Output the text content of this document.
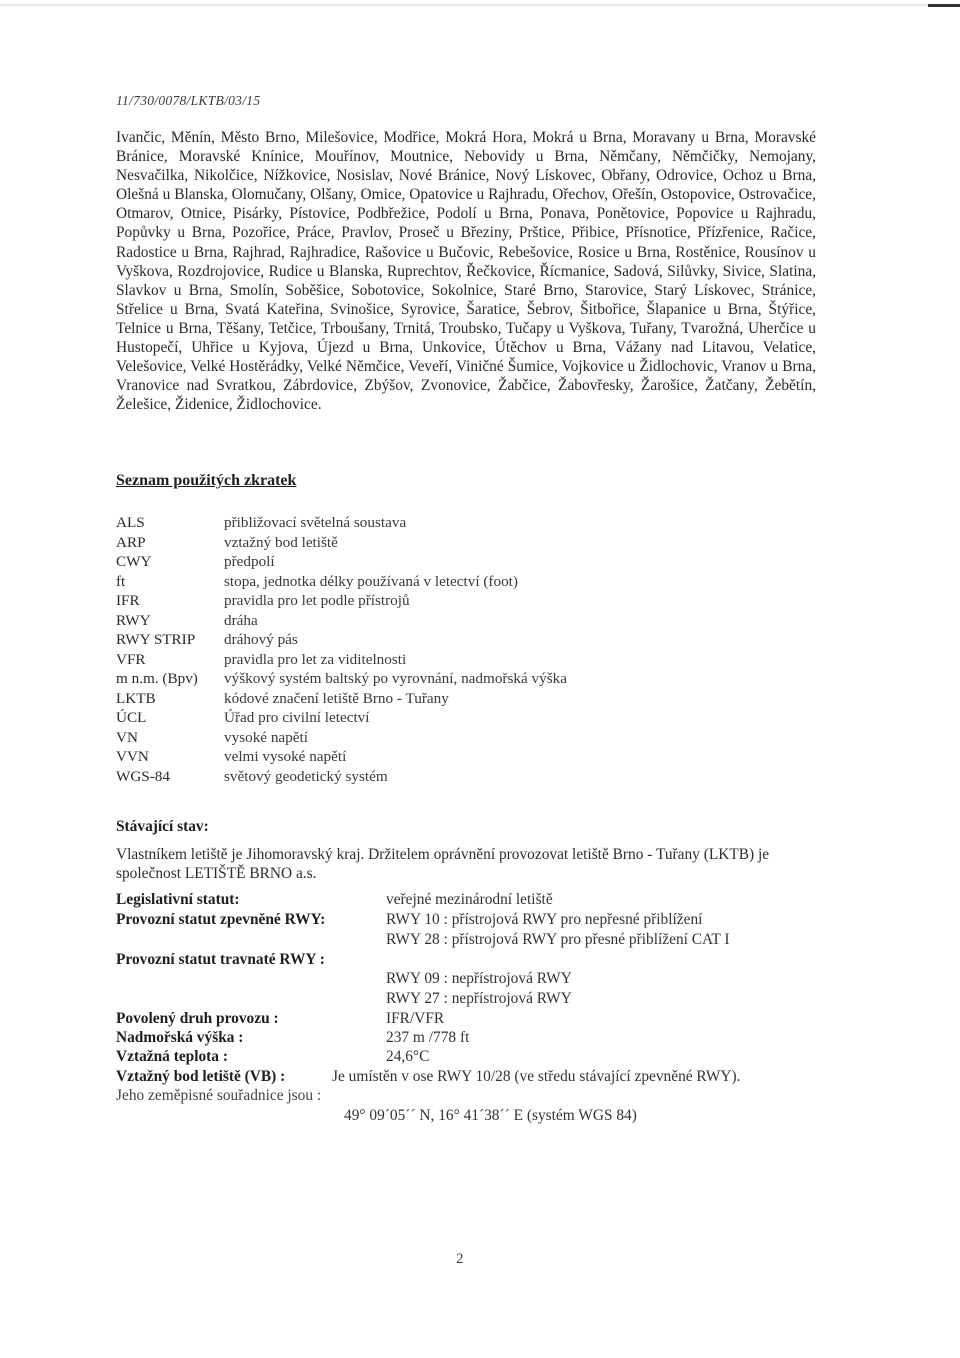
11/730/0078/LKTB/03/15
Ivančic, Měnín, Město Brno, Milešovice, Modřice, Mokrá Hora, Mokrá u Brna, Moravany u Brna, Moravské Bránice, Moravské Knínice, Mouřínov, Moutnice, Nebovidy u Brna, Němčany, Němčičky, Nemojany, Nesvačilka, Nikolčice, Nížkovice, Nosislav, Nové Bránice, Nový Lískovec, Obřany, Odrovice, Ochoz u Brna, Olešná u Blanska, Olomučany, Olšany, Omice, Opatovice u Rajhradu, Ořechov, Ořešín, Ostopovice, Ostrovačice, Otmarov, Otnice, Pisárky, Pístovice, Podbřežice, Podolí u Brna, Ponava, Ponětovice, Popovice u Rajhradu, Popůvky u Brna, Pozořice, Práce, Pravlov, Proseč u Březiny, Prštice, Přibice, Přísnotice, Přízřenice, Račice, Radostice u Brna, Rajhrad, Rajhradice, Rašovice u Bučovic, Rebešovice, Rosice u Brna, Rostěnice, Rousínov u Vyškova, Rozdrojovice, Rudice u Blanska, Ruprechtov, Řečkovice, Řícmanice, Sadová, Silůvky, Sivice, Slatina, Slavkov u Brna, Smolín, Soběšice, Sobotovice, Sokolnice, Staré Brno, Starovice, Starý Lískovec, Stránice, Střelice u Brna, Svatá Kateřina, Svinošice, Syrovice, Šaratice, Šebrov, Šitbořice, Šlapanice u Brna, Štýřice, Telnice u Brna, Těšany, Tetčice, Trboušany, Trnitá, Troubsko, Tučapy u Vyškova, Tuřany, Tvarožná, Uherčice u Hustopečí, Uhřice u Kyjova, Újezd u Brna, Unkovice, Útěchov u Brna, Vážany nad Litavou, Velatice, Velešovice, Velké Hostěrádky, Velké Němčice, Veveří, Viničné Šumice, Vojkovice u Židlochovic, Vranov u Brna, Vranovice nad Svratkou, Zábrdovice, Zbýšov, Zvonovice, Žabčice, Žabovřesky, Žarošice, Žatčany, Žebětín, Želešice, Židenice, Židlochovice.
Seznam použitých zkratek
ALS	přibližovací světelná soustava
ARP	vztažný bod letiště
CWY	předpolí
ft	stopa, jednotka délky používaná v letectví (foot)
IFR	pravidla pro let podle přístrojů
RWY	dráha
RWY STRIP	dráhový pás
VFR	pravidla pro let za viditelnosti
m n.m. (Bpv)	výškový systém baltský po vyrovnání, nadmořská výška
LKTB	kódové značení letiště Brno - Tuřany
ÚCL	Úřad pro civilní letectví
VN	vysoké napětí
VVN	velmi vysoké napětí
WGS-84	světový geodetický systém
Stávající stav:
Vlastníkem letiště je Jihomoravský kraj. Držitelem oprávnění provozovat letiště Brno - Tuřany (LKTB) je společnost LETIŠTĚ BRNO a.s.
Legislativní statut:	veřejné mezinárodní letiště
Provozní statut zpevněné RWY:	RWY 10 : přístrojová RWY pro nepřesné přiblížení
RWY 28 : přístrojová RWY pro přesné přiblížení CAT I
Provozní statut travnaté RWY :
RWY 09 : nepřístrojová RWY
RWY 27 : nepřístrojová RWY
Povolený druh provozu :	IFR/VFR
Nadmořská výška :	237 m /778 ft
Vztažná teplota :	24,6°C
Vztažný bod letiště (VB) :	Je umístěn v ose RWY 10/28 (ve středu stávající zpevněné RWY).
Jeho zeměpisné souřadnice jsou :
49° 09´05´´ N, 16° 41´38´´ E (systém WGS 84)
2
